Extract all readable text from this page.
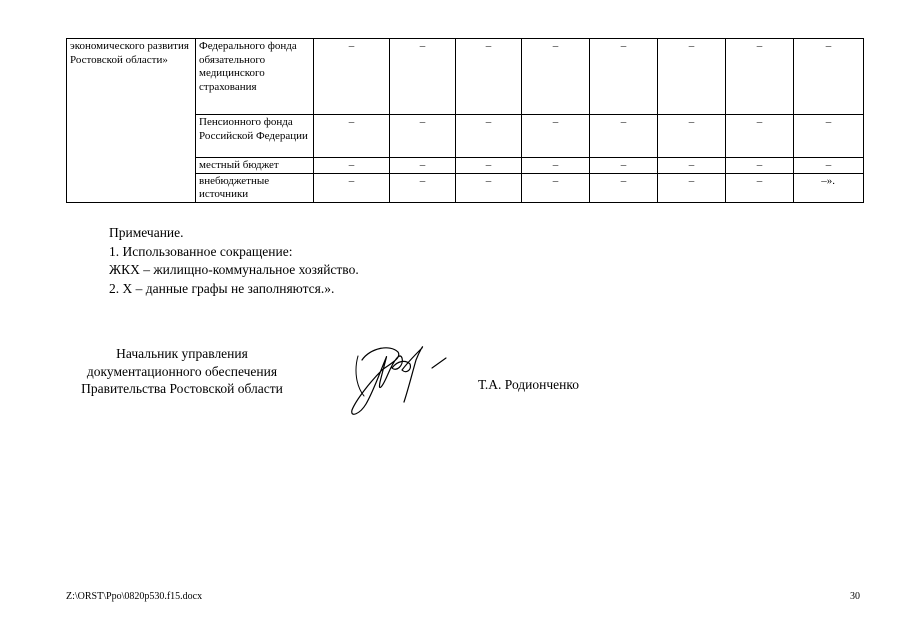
экономического развития Ростовской области»	Федерального фонда обязательного медицинского страхования	–	–	–	–	–	–	–	–
	Пенсионного фонда Российской Федерации	–	–	–	–	–	–	–	–
	местный бюджет	–	–	–	–	–	–	–	–
	внебюджетные источники	–	–	–	–	–	–	–	–».
Примечание.
1. Использованное сокращение:
ЖКХ – жилищно-коммунальное хозяйство.
2. Х – данные графы не заполняются.».
Начальник управления
документационного обеспечения
Правительства Ростовской области	Т.А. Родионченко
Z:\ORST\Ppo\0820p530.f15.docx	30
